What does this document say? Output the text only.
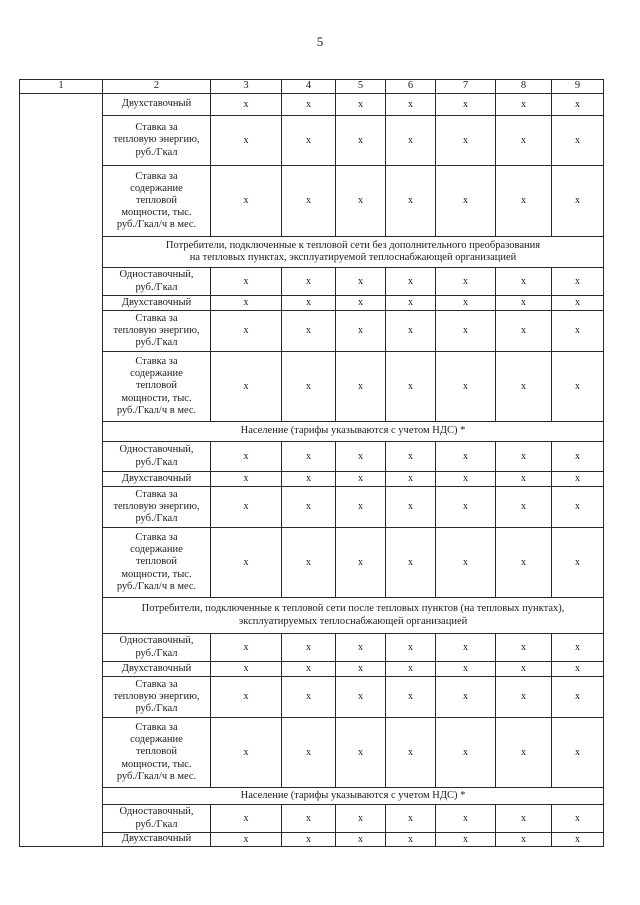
5
1	2	3	4	5	6	7	8	9

	Двухставочный	x	x	x	x	x	x	x

	Ставка за
тепловую энергию,
руб./Гкал	x	x	x	x	x	x	x

	Ставка за
содержание
тепловой
мощности, тыс.
руб./Гкал/ч в мес.	x	x	x	x	x	x	x

	Потребители, подключенные к тепловой сети без дополнительного преобразования
на тепловых пунктах, эксплуатируемой теплоснабжающей организацией							

	Одноставочный,
руб./Гкал	x	x	x	x	x	x	x

	Двухставочный	x	x	x	x	x	x	x

	Ставка за
тепловую энергию,
руб./Гкал	x	x	x	x	x	x	x

	Ставка за
содержание
тепловой
мощности, тыс.
руб./Гкал/ч в мес.	x	x	x	x	x	x	x

	Население (тарифы указываются с учетом НДС) *							

	Одноставочный,
руб./Гкал	x	x	x	x	x	x	x

	Двухставочный	x	x	x	x	x	x	x

	Ставка за
тепловую энергию,
руб./Гкал	x	x	x	x	x	x	x

	Ставка за
содержание
тепловой
мощности, тыс.
руб./Гкал/ч в мес.	x	x	x	x	x	x	x

	Потребители, подключенные к тепловой сети после тепловых пунктов (на тепловых пунктах),
эксплуатируемых теплоснабжающей организацией							

	Одноставочный,
руб./Гкал	x	x	x	x	x	x	x

	Двухставочный	x	x	x	x	x	x	x

	Ставка за
тепловую энергию,
руб./Гкал	x	x	x	x	x	x	x

	Ставка за
содержание
тепловой
мощности, тыс.
руб./Гкал/ч в мес.	x	x	x	x	x	x	x

	Население (тарифы указываются с учетом НДС) *							

	Одноставочный,
руб./Гкал	x	x	x	x	x	x	x

	Двухставочный	x	x	x	x	x	x	x
